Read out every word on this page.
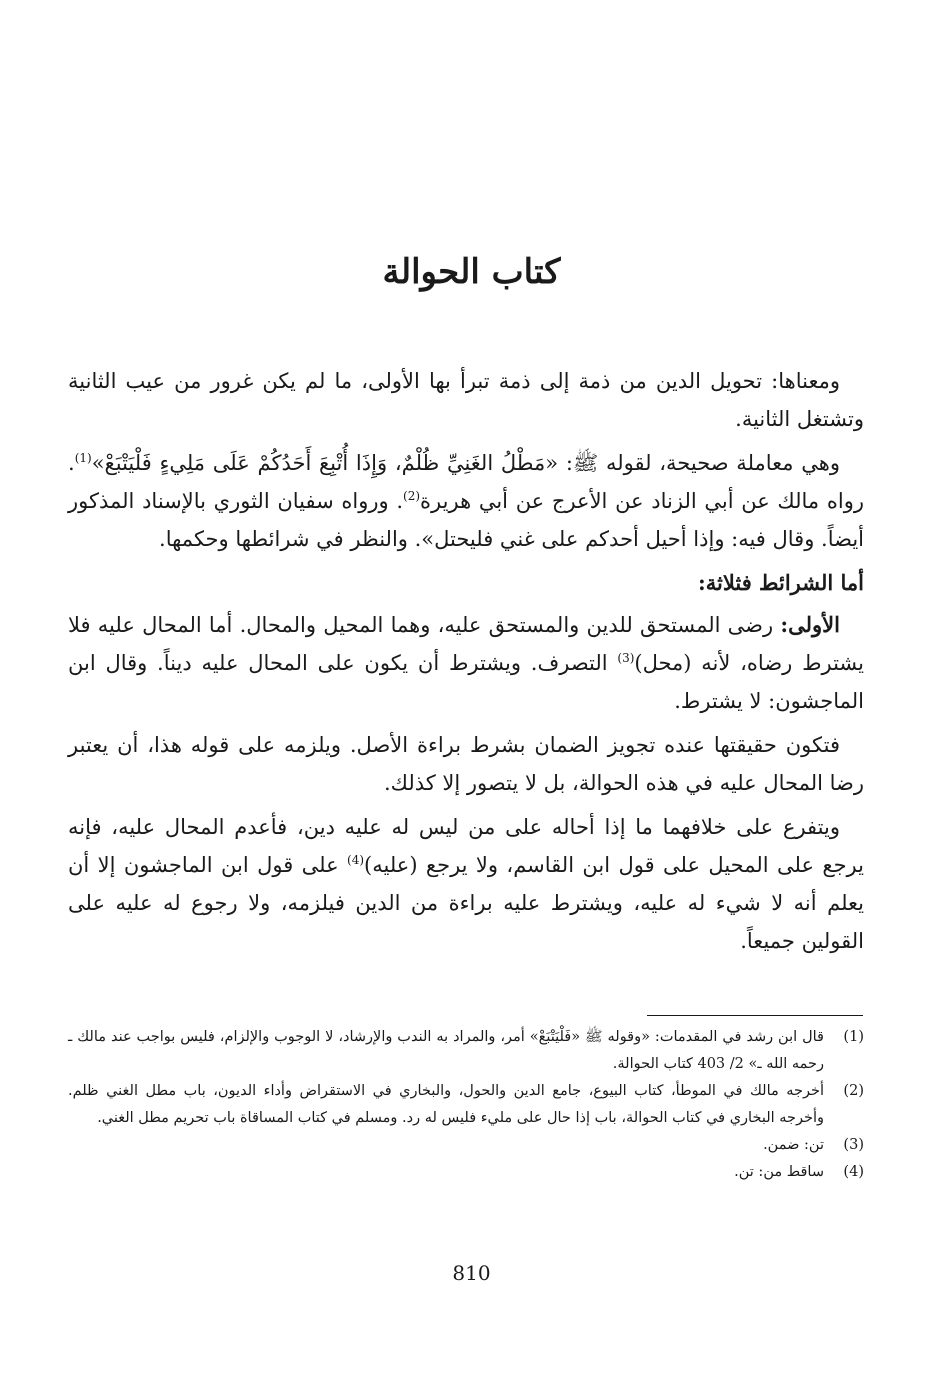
كتاب الحوالة

ومعناها: تحويل الدين من ذمة إلى ذمة تبرأ بها الأولى، ما لم يكن غرور من عيب الثانية وتشتغل الثانية.

وهي معاملة صحيحة، لقوله ﷺ: «مَطْلُ الغَنِيِّ ظُلْمٌ، وَإِذَا أُتْبِعَ أَحَدُكُمْ عَلَى مَلِيءٍ فَلْيَتْبَعْ»$^{(1)}$. رواه مالك عن أبي الزناد عن الأعرج عن أبي هريرة$^{(2)}$. ورواه سفيان الثوري بالإسناد المذكور أيضاً. وقال فيه: وإذا أحيل أحدكم على غني فليحتل». والنظر في شرائطها وحكمها.

أما الشرائط فثلاثة:

الأولى: رضى المستحق للدين والمستحق عليه، وهما المحيل والمحال. أما المحال عليه فلا يشترط رضاه، لأنه (محل)$^{(3)}$ التصرف. ويشترط أن يكون على المحال عليه ديناً. وقال ابن الماجشون: لا يشترط.

فتكون حقيقتها عنده تجويز الضمان بشرط براءة الأصل. ويلزمه على قوله هذا، أن يعتبر رضا المحال عليه في هذه الحوالة، بل لا يتصور إلا كذلك.

ويتفرع على خلافهما ما إذا أحاله على من ليس له عليه دين، فأعدم المحال عليه، فإنه يرجع على المحيل على قول ابن القاسم، ولا يرجع (عليه)$^{(4)}$ على قول ابن الماجشون إلا أن يعلم أنه لا شيء له عليه، ويشترط عليه براءة من الدين فيلزمه، ولا رجوع له عليه على القولين جميعاً.

(1)
قال ابن رشد في المقدمات: «وقوله ﷺ «فَلْيَتْبَعْ» أمر، والمراد به الندب والإرشاد، لا الوجوب والإلزام، فليس بواجب عند مالك ـ رحمه الله ـ» 2/ 403 كتاب الحوالة.
(2)
أخرجه مالك في الموطأ، كتاب البيوع، جامع الدين والحول، والبخاري في الاستقراض وأداء الديون، باب مطل الغني ظلم. وأخرجه البخاري في كتاب الحوالة، باب إذا حال على مليء فليس له رد. ومسلم في كتاب المساقاة باب تحريم مطل الغني.
(3)
تن: ضمن.
(4)
ساقط من: تن.
810
